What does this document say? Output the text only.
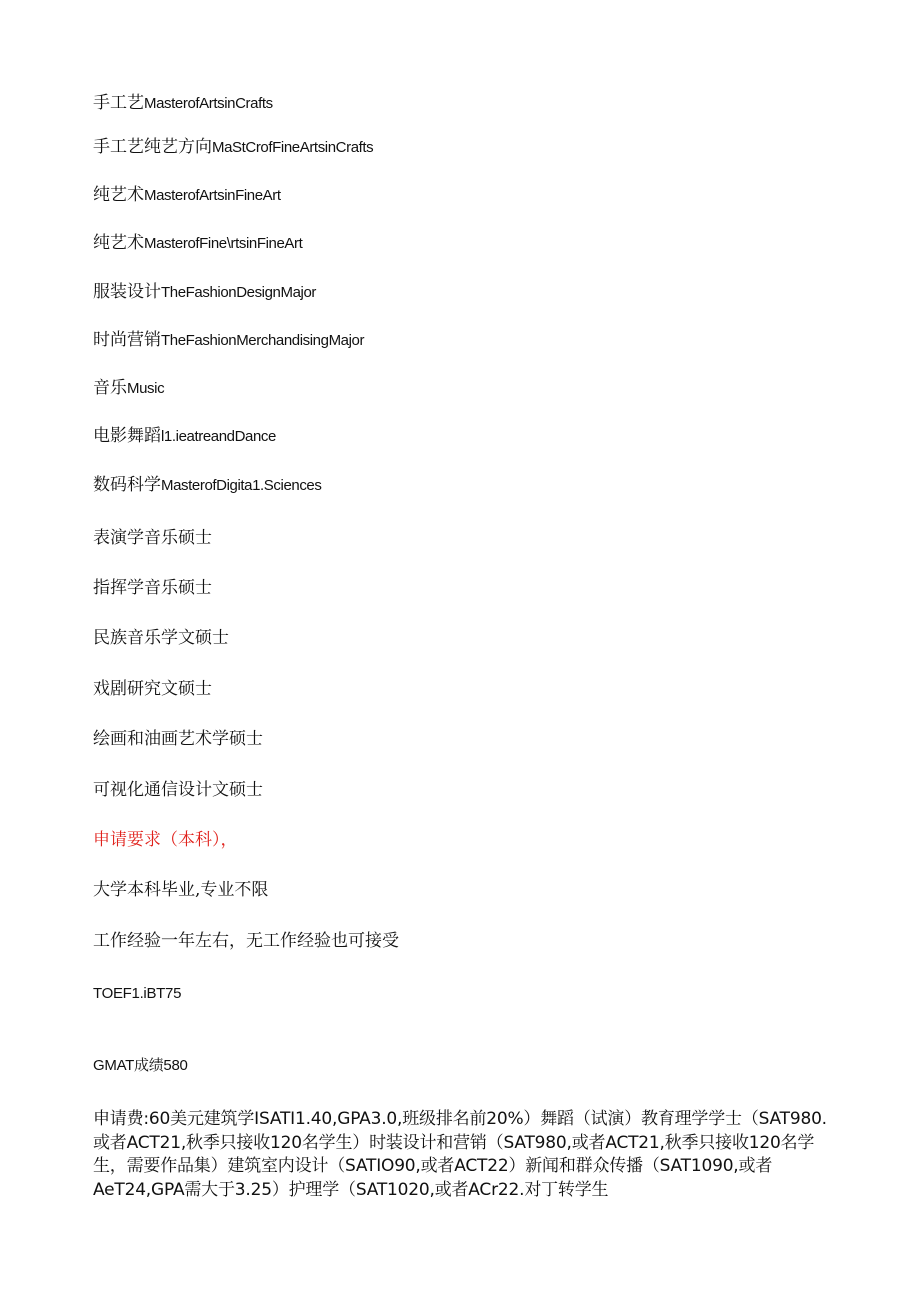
手工艺MasterofArtsinCrafts
手工艺纯艺方向MaStCrofFineArtsinCrafts
纯艺术MasterofArtsinFineArt
纯艺术MasterofFine\rtsinFineArt
服装设计TheFashionDesignMajor
时尚营销TheFashionMerchandisingMajor
音乐Music
电影舞蹈l1.ieatreandDance
数码科学MasterofDigita1.Sciences
表演学音乐硕士
指挥学音乐硕士
民族音乐学文硕士
戏剧研究文硕士
绘画和油画艺术学硕士
可视化通信设计文硕士
申请要求（本科），
大学本科毕业,专业不限
工作经验一年左右，无工作经验也可接受
TOEF1.iBT75
GMAT成绩580
申请费:60美元建筑学ISATI1.40,GPA3.0,班级排名前20%）舞蹈（试演）教育理学学士（SAT980.或者ACT21,秋季只接收120名学生）时装设计和营销（SAT980,或者ACT21,秋季只接收120名学生，需要作品集）建筑室内设计（SATIO90,或者ACT22）新闻和群众传播（SAT1090,或者AeT24,GPA需大于3.25）护理学（SAT1020,或者ACr22.对丁转学生
